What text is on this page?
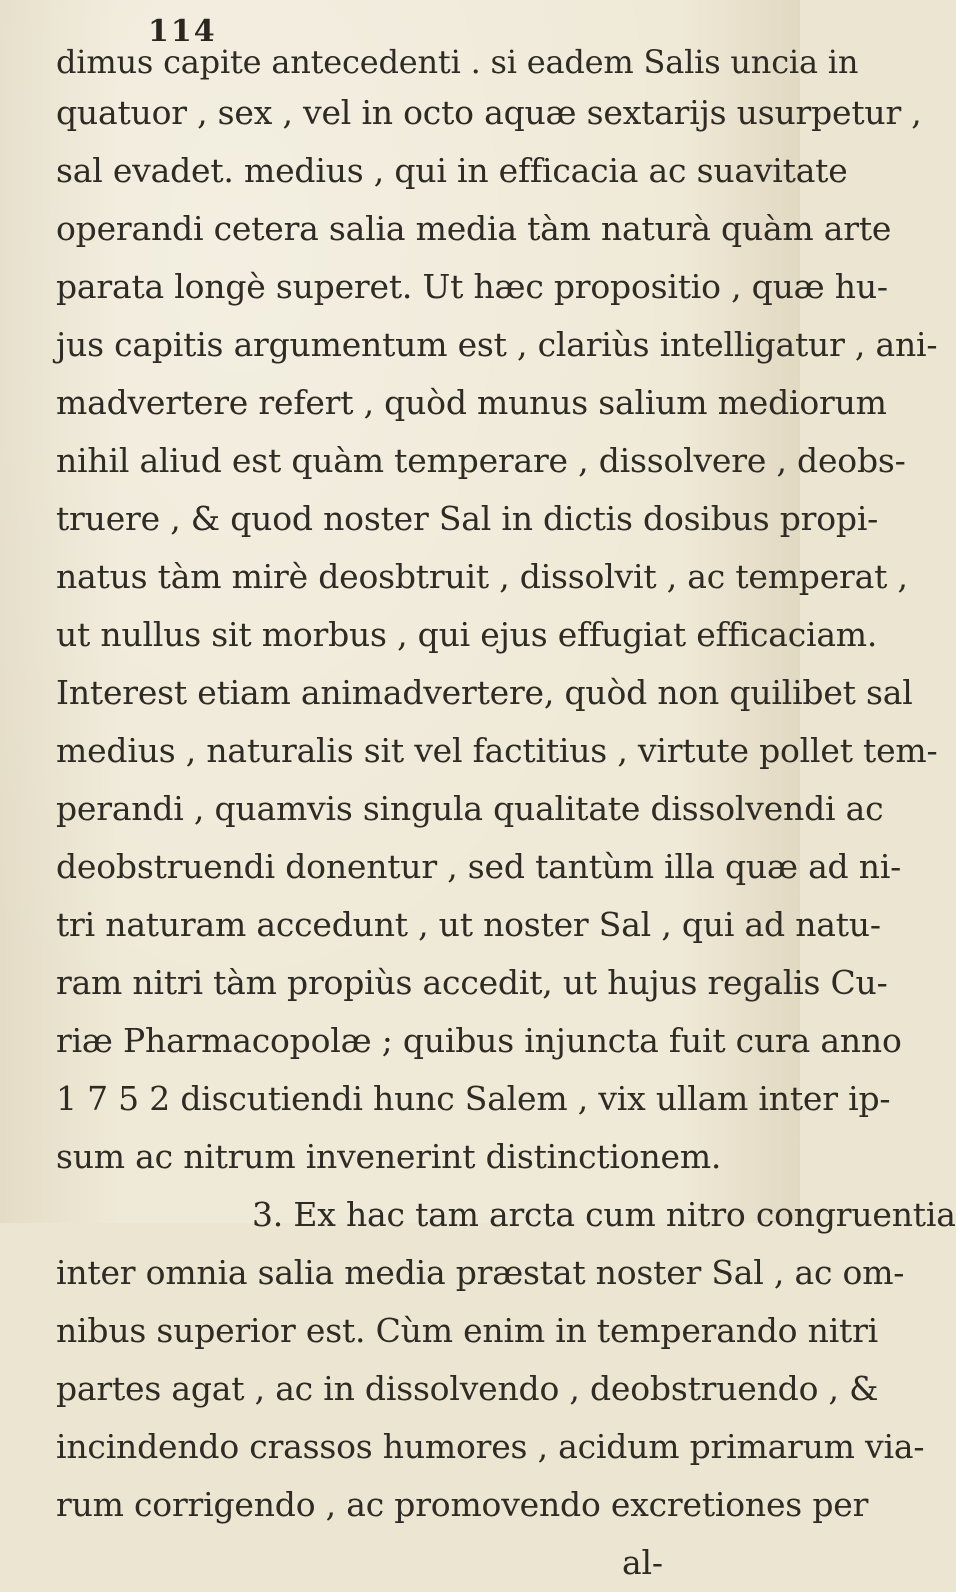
114
dimus capite antecedenti . si eadem Salis uncia in
quatuor , sex , vel in octo aquæ sextarijs usurpetur ,
sal evadet. medius , qui in efficacia ac suavitate
operandi cetera salia media tàm naturà quàm arte
parata longè superet. Ut hæc propositio , quæ hu-
jus capitis argumentum est , clariùs intelligatur , ani-
madvertere refert , quòd munus salium mediorum
nihil aliud est quàm temperare , dissolvere , deobs-
truere , & quod noster Sal in dictis dosibus propi-
natus tàm mirè deosbtruit , dissolvit , ac temperat ,
ut nullus sit morbus , qui ejus effugiat efficaciam.
Interest etiam animadvertere, quòd non quilibet sal
medius , naturalis sit vel factitius , virtute pollet tem-
perandi , quamvis singula qualitate dissolvendi ac
deobstruendi donentur , sed tantùm illa quæ ad ni-
tri naturam accedunt , ut noster Sal , qui ad natu-
ram nitri tàm propiùs accedit, ut hujus regalis Cu-
riæ Pharmacopolæ ; quibus injuncta fuit cura anno
1 7 5 2 discutiendi hunc Salem , vix ullam inter ip-
sum ac nitrum invenerint distinctionem.
3. Ex hac tam arcta cum nitro congruentia
inter omnia salia media præstat noster Sal , ac om-
nibus superior est. Cùm enim in temperando nitri
partes agat , ac in dissolvendo , deobstruendo , &
incindendo crassos humores , acidum primarum via-
rum corrigendo , ac promovendo excretiones per
al-
